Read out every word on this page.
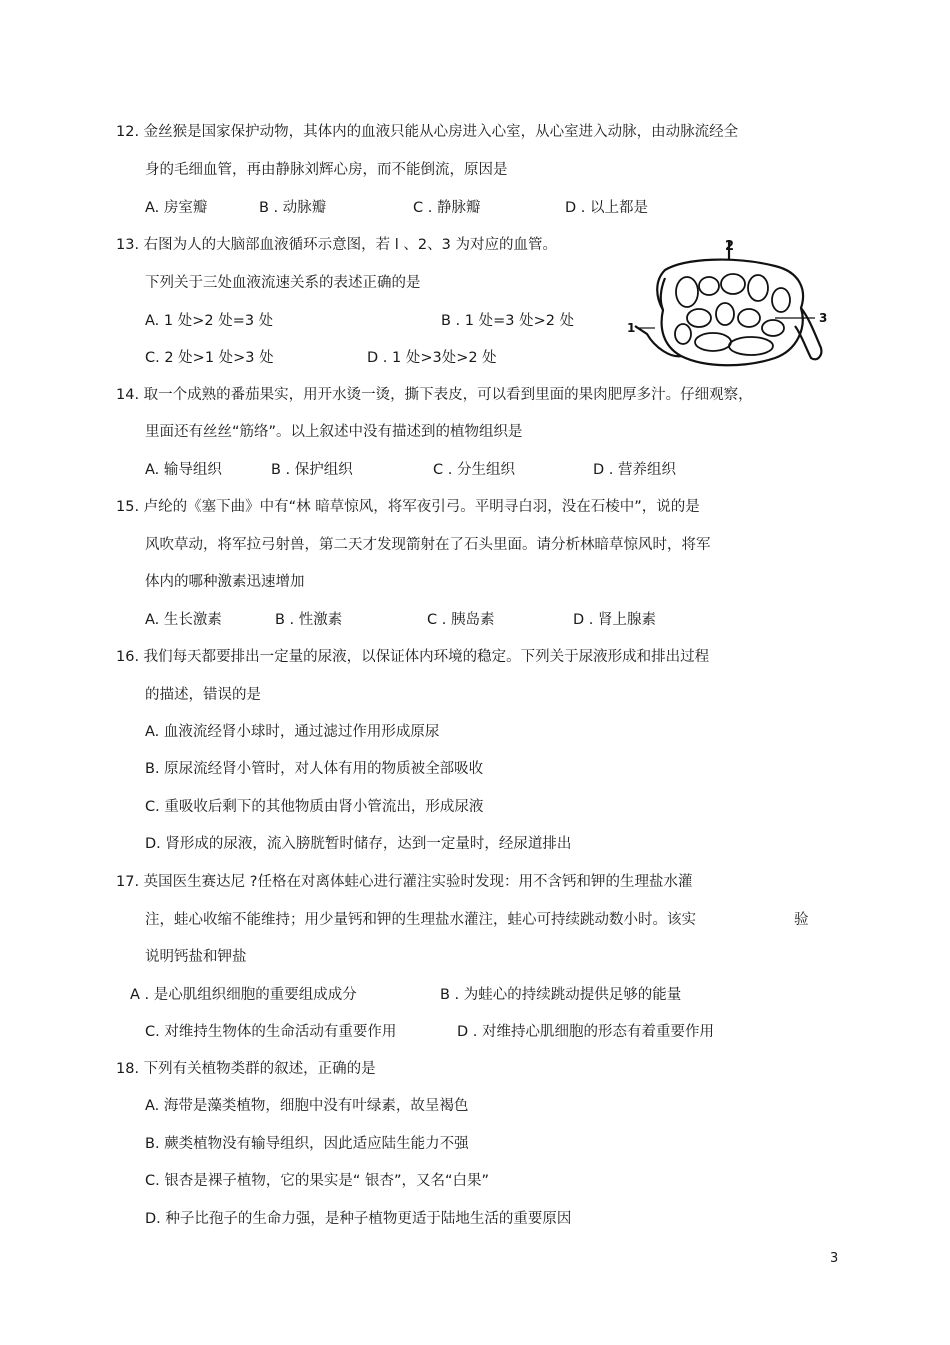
12. 金丝猴是国家保护动物，其体内的血液只能从心房进入心室，从心室进入动脉，由动脉流经全
身的毛细血管，再由静脉刘辉心房，而不能倒流，原因是
A. 房室瓣	B . 动脉瓣	C . 静脉瓣	D . 以上都是
13. 右图为人的大脑部血液循环示意图，若 l 、2、3 为对应的血管。
下列关于三处血液流速关系的表述正确的是
A. 1 处>2 处=3 处	B . 1 处=3 处>2 处
C. 2 处>1 处>3 处	D . 1 处>3处>2 处
2
1
3
14. 取一个成熟的番茄果实，用开水烫一烫，撕下表皮，可以看到里面的果肉肥厚多汁。仔细观察，
里面还有丝丝“筋络”。以上叙述中没有描述到的植物组织是
A. 输导组织	B . 保护组织	C . 分生组织	D . 营养组织
15. 卢纶的《塞下曲》中有“林 暗草惊风，将军夜引弓。平明寻白羽，没在石棱中”，说的是
风吹草动，将军拉弓射兽，第二天才发现箭射在了石头里面。请分析林暗草惊风时，将军
体内的哪种激素迅速增加
A. 生长激素	B . 性激素	C . 胰岛素	D . 肾上腺素
16. 我们每天都要排出一定量的尿液，以保证体内环境的稳定。下列关于尿液形成和排出过程
的描述，错误的是
A. 血液流经肾小球时，通过滤过作用形成原尿
B. 原尿流经肾小管时，对人体有用的物质被全部吸收
C. 重吸收后剩下的其他物质由肾小管流出，形成尿液
D. 肾形成的尿液，流入膀胱暂时储存，达到一定量时，经尿道排出
17. 英国医生赛达尼 ?任格在对离体蛙心进行灌注实验时发现：用不含钙和钾的生理盐水灌
注，蛙心收缩不能维持；用少量钙和钾的生理盐水灌注，蛙心可持续跳动数小时。该实	验
说明钙盐和钾盐
A . 是心肌组织细胞的重要组成成分	B . 为蛙心的持续跳动提供足够的能量
C. 对维持生物体的生命活动有重要作用	D . 对维持心肌细胞的形态有着重要作用
18. 下列有关植物类群的叙述，正确的是
A. 海带是藻类植物，细胞中没有叶绿素，故呈褐色
B. 蕨类植物没有输导组织，因此适应陆生能力不强
C. 银杏是裸子植物，它的果实是“ 银杏”，又名“白果”
D. 种子比孢子的生命力强，是种子植物更适于陆地生活的重要原因
3
